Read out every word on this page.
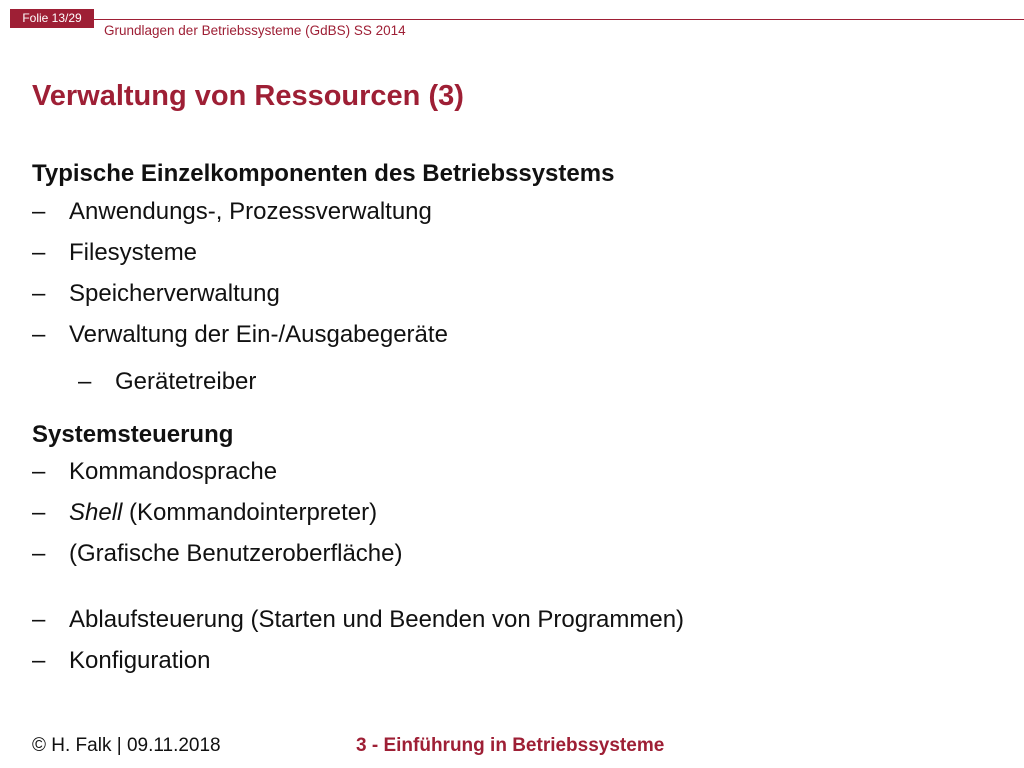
Folie 13/29
Grundlagen der Betriebssysteme (GdBS) SS 2014
Verwaltung von Ressourcen (3)
Typische Einzelkomponenten des Betriebssystems
– Anwendungs-, Prozessverwaltung
– Filesysteme
– Speicherverwaltung
– Verwaltung der Ein-/Ausgabegeräte
– Gerätetreiber
Systemsteuerung
– Kommandosprache
– Shell (Kommandointerpreter)
– (Grafische Benutzeroberfläche)
– Ablaufsteuerung (Starten und Beenden von Programmen)
– Konfiguration
© H. Falk | 09.11.2018	3 - Einführung in Betriebssysteme
